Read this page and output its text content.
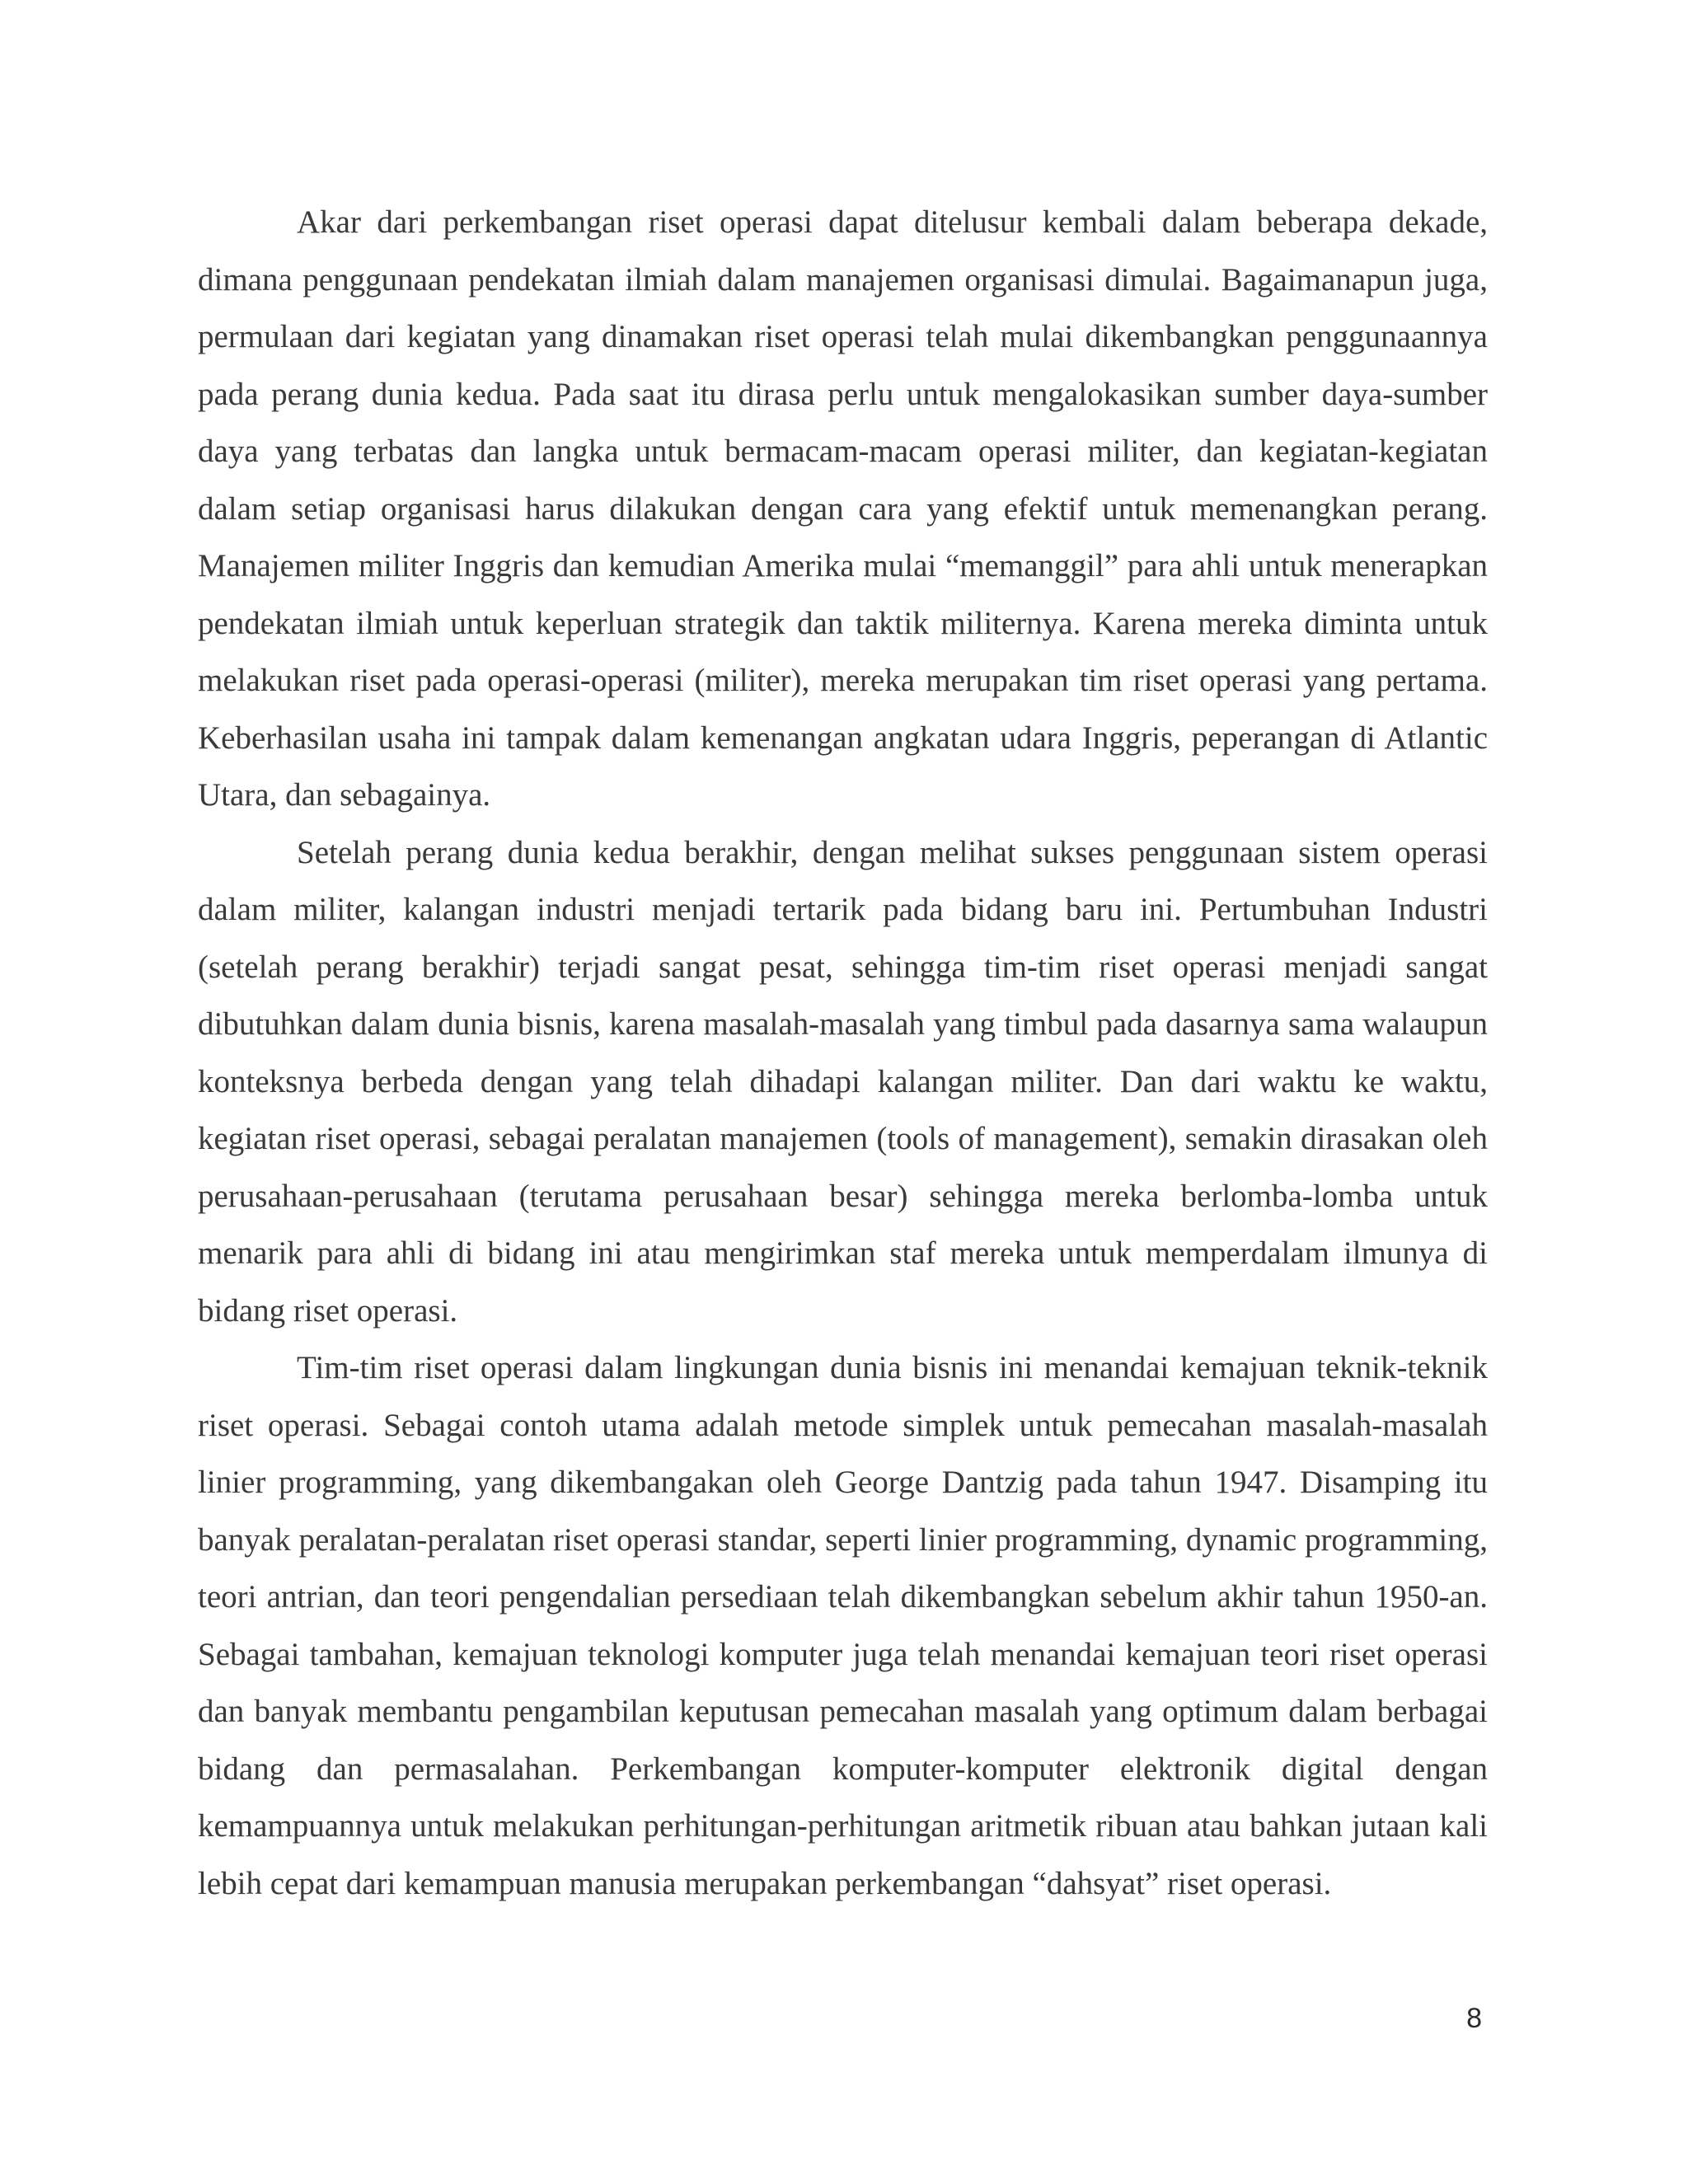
Akar dari perkembangan riset operasi dapat ditelusur kembali dalam beberapa dekade, dimana penggunaan pendekatan ilmiah dalam manajemen organisasi dimulai. Bagaimanapun juga, permulaan dari kegiatan yang dinamakan riset operasi telah mulai dikembangkan penggunaannya pada perang dunia kedua. Pada saat itu dirasa perlu untuk mengalokasikan sumber daya-sumber daya yang terbatas dan langka untuk bermacam-macam operasi militer, dan kegiatan-kegiatan dalam setiap organisasi harus dilakukan dengan cara yang efektif untuk memenangkan perang. Manajemen militer Inggris dan kemudian Amerika mulai “memanggil” para ahli untuk menerapkan pendekatan ilmiah untuk keperluan strategik dan taktik militernya. Karena mereka diminta untuk melakukan riset pada operasi-operasi (militer), mereka merupakan tim riset operasi yang pertama. Keberhasilan usaha ini tampak dalam kemenangan angkatan udara Inggris, peperangan di Atlantic Utara, dan sebagainya.

Setelah perang dunia kedua berakhir, dengan melihat sukses penggunaan sistem operasi dalam militer, kalangan industri menjadi tertarik pada bidang baru ini. Pertumbuhan Industri (setelah perang berakhir) terjadi sangat pesat, sehingga tim-tim riset operasi menjadi sangat dibutuhkan dalam dunia bisnis, karena masalah-masalah yang timbul pada dasarnya sama walaupun konteksnya berbeda dengan yang telah dihadapi kalangan militer. Dan dari waktu ke waktu, kegiatan riset operasi, sebagai peralatan manajemen (tools of management), semakin dirasakan oleh perusahaan-perusahaan (terutama perusahaan besar) sehingga mereka berlomba-lomba untuk menarik para ahli di bidang ini atau mengirimkan staf mereka untuk memperdalam ilmunya di bidang riset operasi.

Tim-tim riset operasi dalam lingkungan dunia bisnis ini menandai kemajuan teknik-teknik riset operasi. Sebagai contoh utama adalah metode simplek untuk pemecahan masalah-masalah linier programming, yang dikembangakan oleh George Dantzig pada tahun 1947. Disamping itu banyak peralatan-peralatan riset operasi standar, seperti linier programming, dynamic programming, teori antrian, dan teori pengendalian persediaan telah dikembangkan sebelum akhir tahun 1950-an. Sebagai tambahan, kemajuan teknologi komputer juga telah menandai kemajuan teori riset operasi dan banyak membantu pengambilan keputusan pemecahan masalah yang optimum dalam berbagai bidang dan permasalahan. Perkembangan komputer-komputer elektronik digital dengan kemampuannya untuk melakukan perhitungan-perhitungan aritmetik ribuan atau bahkan jutaan kali lebih cepat dari kemampuan manusia merupakan perkembangan “dahsyat” riset operasi.

8
